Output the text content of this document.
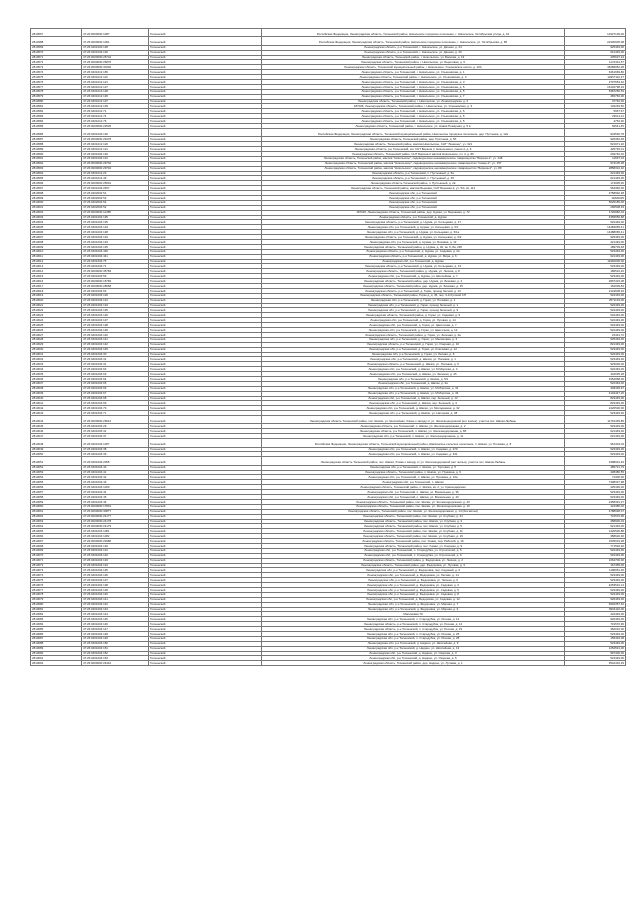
2810567	47:20:0000000:1087	Тосненский	Российская Федерация, Ленинградская область, Тосненский район, Никольское городское поселение, г. Никольское, Октябрьская улица, д. 44	13427139,00
2810388	47:26:0000000:1091	Тосненский	Российская Федерация, Ленинградская область, Тосненский район, Никольское городское поселение, г. Никольское, ул. Октябрьская, д. 8б	22330605,08
2810569	47:26:0401004:128	Тосненский	Ленинградская область, р-н Тосненский, г. Никольское, ул. Дачная, д. 24	925449,00
2810570	47:26:0401004:130	Тосненский	Ленинградская область, р-н Тосненский, г. Никольское, ул. Дачная, д. 26	612449,00
2810571	47:26:0000000:26742	Тосненский	Ленинградская область, Тосненский район, г. Никольское, ул. Баскова, д. 19	435637,24
2810572	47:26:0000000:26876	Тосненский	Ленинградская область, Тосненский район, г. Никольское, ул. Береговая, д. 6	1172431,57
2810573	47:26:0000000:30302	Тосненский	Ленинградская область, Тосненский муниципальный район, г. Никольское, Ульяновское шоссе, д. 10А	46289952,28
2810574	47:26:0401012:165	Тосненский	Ленинградская область, р-н Тосненский, г. Никольское, ул. Ульяновская, д. 1	6461669,80
2810575	47:26:0401012:116	Тосненский	Ленинградская область, Тосненский район, г. Никольское, ул. Ульяновская, д. 4	14957110,37
2810576	47:26:0401012:121	Тосненский	Ленинградская область, р-н Тосненский, г. Никольское, ул. Ульяновская, д. 3	2707553,32
2810577	47:26:0401012:127	Тосненский	Ленинградская область, р-н Тосненский, г. Никольское, ул. Ульяновская, д. 5	16132798,34
2810578	47:26:0401012:128	Тосненский	Ленинградская область, р-н Тосненский, г. Никольское, ул. Ульяновская, д. 5	5387256,53
2810579	47:26:0401012:130	Тосненский	Ленинградская область, р-н Тосненский, г. Никольское, ул. Ульяновская, д. 7	465760,00
2810580	47:26:0401012:137	Тосненский	Ленинградская область, Тосненский район, г. Никольское, ул. Ленинградская, д. 3	37746,00
2810581	47:26:0401012:139	Тосненский	187026, Ленинградская область, Тосненский район, г. Никольское, ул. Ульяновская, д. 3	132249,50
2810582	47:26:0401012:71	Тосненский	Ленинградская область, р-н Тосненский, г. Никольское, ул. Ульяновская, д. 5	5957,67
2810583	47:26:0401012:74	Тосненский	Ленинградская область, р-н Тосненский, г. Никольское, ул. Ульяновская, д. 5	23914,21
2810584	47:26:0401012:76	Тосненский	Ленинградская область, р-н Тосненский, г. Никольское, ул. Ульяновская, д. 5	4754,30
2810585	47:26:0000000:22526	Тосненский	Ленинградская область, Тосненский район, г. Никольское, ул. Новая Пожарная, д. 5 в	52541,45
2810586	47:26:0401004:130	Тосненский	Российская Федерация, Ленинградская область, Тосненский муниципальный район, Никольское городское поселение, дер. Пустынка, д. 12а	943536,78
2810587	47:26:0000000:29478	Тосненский	Ленинградская область, Тосненский район, дер. Пустынка, д. 5б	926346,48
2810588	47:26:0401012:120	Тосненский	Ленинградская область, Тосненский район, массив Никольское, СНТ "Ленинец", уч. 321	521971,20
2810589	47:26:0401012:121	Тосненский	Ленинградская область, р-н Тосненский, снт СНТ Бирюза (г. Никольское), линия 4, д. 6	425746,01
2810590	47:26:0401002:130	Тосненский	Ленинградская область, Тосненский район, СНТ Бирюза-2 массив Никольское, кл. 4, д. 86	249740,02
2810591	47:26:0401004:131	Тосненский	Ленинградская область, Тосненский район, массив "Никольское", садоводческое некоммерческое товарищество "Бирюза-2", уч. 448	11537,04
2810592	47:26:0000000:29702	Тосненский	Ленинградская область, Тосненский район, массив "Никольское", садоводческое некоммерческое товарищество "Север-2", уч. 157	974105,38
2810593	47:26:0000000:29704	Тосненский	Ленинградская область, Тосненский район, массив "Никольское", садоводческое некоммерческое товарищество "Бирюза-2", уч. 89	2858310,32
2810594	47:26:0401012:23	Тосненский	Ленинградская область, р-н Тосненский, п. Пустынный, д. 5а	621449,00
2810595	47:26:0401012:49	Тосненский	Ленинградская область, р-н Тосненский, п. Пустынный, д. 3б	621449,00
2810596	47:26:0000000:25091	Тосненский	Ленинградская область Тосненский район, п. Пустынный, д. 2в	174005,30
2810597	47:26:0401004:2457	Тосненский	Ленинградская область, Тосненский район, массив Бережки, СНТ Бережки-2, уч. 5/4, кв. 114	564360,00
2810598	47:26:0402002:51	Тосненский	Ленинградская обл, р-н Тосненский	3758992,38
2810599	47:26:0402002:53	Тосненский	Ленинградская обл, р-н Тосненский	11820025
2810600	47:26:0402002:54	Тосненский	Ленинградская обл, р-н Тосненский	5025185,00
2810601	47:26:0402002:52	Тосненский	Ленинградская обл, р-н Тосненский	296508,33
2810602	47:26:0000000:11385	Тосненский	187020, Ленинградская область, Тосненский район, дер. Нурма, ул. Бережная, д. 72	1720982,04
2810603	47:26:0401004:135	Тосненский	Ленинградская область, р-н Тосненский, д. Нурма	4355650,68
2810604	47:26:0401004:135	Тосненский	Ленинградская область, р-н Тосненский, д. Нурма, ул. Кольцевая, д. 47	522449,00
2810605	47:26:0401004:134	Тосненский	Ленинградская обл, р-н Тосненский, д. Нурма, ул. Кольцевая, д. 6/1	14483055,41
2810606	47:26:0401004:138	Тосненский	Ленинградская обл, р-н Тосненский, д. Нурма, ул. Кольцевая, д. 6/1а	14488065,41
2810607	47:26:0401004:133	Тосненский	Ленинградская область, р-н Тосненский, д. Нурма, ул. Кольцевая, д. 6/2	925449,00
2810608	47:26:0401004:134	Тосненский	Ленинградская обл, р-н Тосненский, д. Нурма, ул. Боковая, д. 13	421449,00
2810609	47:26:0401004:135	Тосненский	Ленинградская область, Тосненский район, д. Нурма, д. 40, кв. 6, 8а, 29б	189709,48
2810610	47:26:0401004:430	Тосненский	Ленинградская область, р-н Тосненский, д. Нурма, ул. Садовая, д. 2а	523449,00
2810611	47:26:0401004:441	Тосненский	Ленинградская область, р-н Тосненский, д. Нурма, ул. Мира, д. 6	621449,00
2810612	47:26:0401004:75	Тосненский	Ленинградская обл, р-н Тосненский, д. Нурма	11992006,00
2810613	47:26:0401004:71	Тосненский	Ленинградская область, р-н Тосненский, д. Нурма, ул. Кольцевая, д. 13	523449,00
2810614	47:26:0000000:35784	Тосненский	Ленинградская область, Тосненский район, д. Нурма, ул. Лесная, д. 8	186510,26
2810615	47:26:0401004:56	Тосненский	Ленинградская обл, р-н Тосненский, д. Нурма, ул. Шоссейная, д. 7	523449,00
2810616	47:26:0000000:15783	Тосненский	Ленинградская область, Тосненский район, дер. Нурма, ул. Боковая, д. 4	2897415,08
2810617	47:26:0000000:28668	Тосненский	Ленинградская область, Тосненский район, дер. Нурма, ул. Боковая, д. 15	164009,84
2810618	47:26:0401004:63	Тосненский	Ленинградская область, р-н Тосненский, д. Горки, проезд Лесной, д. 13	2143608,93
2810619	47:26:0401004:130	Тосненский	Ленинградская область, Тосненский район, Горки д, д. 45, пер. 3-й Луговой СП	522449,00
2810620	47:26:0401004:131	Тосненский	Ленинградская обл, р-н Тосненский, д. Горки, ул. Полевая, д. 1	2571133,00
2810621	47:26:0401004:134	Тосненский	Ленинградская обл, р-н Тосненский, д. Горки, проезд Зеленый, д. 1	522449,00
2810622	47:26:0401004:135	Тосненский	Ленинградская обл, р-н Тосненский, д. Горки, проезд Зеленый, д. 9	522449,00
2810623	47:26:0401004:136	Тосненский	Ленинградская область, Тосненский район, д. Горки, ул. Садовая, д. 9	522449,00
2810624	47:26:0401004:137	Тосненский	Ленинградская обл, р-н Тосненский, д. Горки, ул. Луговая, д. 14	522449,00
2810625	47:26:0401004:138	Тосненский	Ленинградская обл, р-н Тосненский, д. Горки, ул. Цветочная, д. 7	522449,00
2810626	47:26:0401004:139	Тосненский	Ленинградская обл, р-н Тосненский, д. Горки, ул. Цветочная, д. 12	522449,00
2810627	47:26:0401004:140	Тосненский	Ленинградская область, Тосненский район, д. Горки, ул. Зеленая, д. 4а	15431,72
2810628	47:26:0401004:141	Тосненский	Ленинградская обл, р-н Тосненский, д. Горки, ул. Малиновая, д. 3	925449,00
2810629	47:26:0401004:142	Тосненский	Ленинградская область, р-н Тосненский, д. Горки, ул. Озерная, д. 10	821449,00
2810630	47:26:0401004:145	Тосненский	Ленинградская обл, р-н Тосненский, д. Горки, ул. Ключевая, д. 12	523449,00
2810631	47:26:0401004:30	Тосненский	Ленинградская обл, р-н Тосненский, д. Горки, ул. Лесная, д. 6	522449,00
2810632	47:26:0401004:31	Тосненский	Ленинградская обл, р-н Тосненский, д. Шапки, ул. Полевая, д. 1	523449,00
2810633	47:26:0401004:31	Тосненский	Ленинградская область, р-н Тосненский, д. Шапки, ул. Полевая, д. 5	923000,00
2810634	47:26:0401004:63	Тосненский	Ленинградская обл, р-н Тосненский, д. Шапки, ул. М.Морская, д. 4	522449,00
2810635	47:26:0401004:63	Тосненский	Ленинградская обл, р-н Тосненский, д. Шапки, ул. Зеленая, д. 4б	442635,28
2810636	47:26:0401004:64	Тосненский	Ленинградская обл, р-н Тосненский, д. Шапки, д. 5/1	3354958,00
2810637	47:26:0401004:65	Тосненский	Ленинградская обл, р-н Тосненский, д. Шапки, д. 3а	522449,00
2810638	47:26:0401004:66	Тосненский	Ленинградская обл, р-н Тосненский, д. Шапки, ул. М.Морская, д. 44	348439,97
2810639	47:26:0401004:67	Тосненский	Ленинградская обл, р-н Тосненский, д. Шапки, ул. М.Морская, д. 43	4104447,20
2810640	47:26:0401004:68	Тосненский	Ленинградская обл, р-н Тосненский, д. Шапки, пер. Зеленый, д. 12	823449,00
2810641	47:26:0401004:69	Тосненский	Ленинградская обл, р-н Тосненский, д. Шапки, пер. Зеленый, д. 3	823449,00
2810642	47:26:0401004:70	Тосненский	Ленинградская обл, р-н Тосненский, д. Шапки, ул. Молодежная, д. 32	2420500,00
2810643	47:26:0401004:71	Тосненский	Ленинградская обл, р-н Тосненский, д. Шапки, ул. Нагорная, д. 38	523449,00
2810644	47:26:0000000:29612	Тосненский	Ленинградская область Тосненский район, пос. Шапки, ул. Шоссейная, ближе к западу от ул. Железнодорожной (нет жилья), участок пос. Шапки-Любань	11791439,85
2810645	47:26:0401004:29	Тосненский	Ленинградская область, р-н Тосненский, п. Шапки, ул. Железнодорожная, д. 2	523449,00
2810646	47:26:0401004:31	Тосненский	Ленинградская область, р-н Тосненский, п. Шапки, ул. Железнодорожная, д. 8б	621449,00
2810647	47:26:0401004:37	Тосненский	Ленинградская обл, р-н Тосненский, п. Шапки, ул. Железнодорожная, д. 11	621449,00
2810648	47:26:0401004:1057	Тосненский	Российская Федерация, Ленинградская область, Тосненский муниципальный район, Шапкинское сельское поселение, п. Шапки, ул. Полевая, д. 8	961303,03
2810649	47:26:0401004:38	Тосненский	Ленинградская обл, р-н Тосненский, п. Шапки, ул. Садовая, д. 270	523449,00
2810650	47:26:0401004:39	Тосненский	Ленинградская обл, р-н Тосненский, п. Шапки, ул. Садовая, д. 331	523449,00
2810651	47:26:0401004:2065	Тосненский	Ленинградская область Тосненский район, пос. Шапки, ближе к западу от ул. Железнодорожной (нет жилья), участок пос. Шапки-Любань	3498001,49
2810652	47:26:0401004:40	Тосненский	Ленинградская обл, р-н Тосненский, п. Шапки, ул. Торговая, д. 5	486721,79
2810653	47:26:0401004:41	Тосненский	Ленинградская область, Тосненский район, п. Шапки, ул. Пушкина, д. 9	438480,55
2810654	47:26:0401004:42	Тосненский	Ленинградская обл, р-н Тосненский, п. Шапки, ул. Пушкина, д. 10а	71300,00
2810655	47:26:0401004:43	Тосненский	Ленинградская обл, р-н Тосненский, п. Шапки	7498337,98
2810656	47:26:0401004:1000	Тосненский	Ленинградская область, Тосненский район, п. Шапки, кв. 2, ул. Краснодарская	425436,00
2810657	47:26:0401004:44	Тосненский	Ленинградская обл, р-н Тосненский, п. Шапки, ул. Вокзальная, д. 36	523449,00
2810658	47:26:0401004:45	Тосненский	Ленинградская обл, р-н Тосненский, п. Шапки, ул. Вокзальная, д. 40	523449,00
2810659	47:26:0401004:46	Тосненский	Ленинградская область, Тосненский район, пос. Шапки, ул. Железнодорожная, д. 4б	2458391,37
2810660	47:26:0000000:17801	Тосненский	Ленинградская область, Тосненский район, пос. Шапки, ул. Железнодорожная, д. 10	424386,02
2810661	47:26:0000000:30877	Тосненский	Ленинградская область, Тосненский район, пос. Шапки, ул. Железнодорожная, д. 14 (без жилья)	4788938,07
2810662	47:26:0000000:24177	Тосненский	Ленинградская область, Тосненский район, пос. Шапки, ул. Клубная, д. 31	731570,96
2810663	47:26:0000000:24178	Тосненский	Ленинградская область, Тосненский район, пос. Шапки, ул. Клубная, д. 3	358900,03
2810664	47:26:0000000:24179	Тосненский	Ленинградская область, Тосненский район, пос. Шапки, ул. Клубная, д. 5	521449,00
2810665	47:26:0401004:1081	Тосненский	Ленинградская область, Тосненский район, пос. Шапки, ул. Клубная, д. 11	1420536,88
2810666	47:26:0401004:1082	Тосненский	Ленинградская область, Тосненский район, пос. Шапки, ул. Клубная, д. 19	358620,00
2810667	47:26:0000000:29380	Тосненский	Ленинградская область, Тосненский район, пос. Ушаки, пер. Рабочий, д. 16	1535019,38
2810668	47:26:0401004:130	Тосненский	Ленинградская область, Тосненский район, пос. Ушаки, ул. Озерная, д. 9	771592,92
2810669	47:26:0401004:131	Тосненский	Ленинградская обл, р-н Тосненский, п. Стародубка, ул. Строителей, д. 5	522449,00
2810670	47:26:0401004:132	Тосненский	Ленинградская обл, р-н Тосненский, п. Стародубка, ул. Строителей, д. 6	522449,00
2810671	47:26:0401004:133	Тосненский	Ленинградская область, Тосненский район, д. Федоровка, ул. Лесная, д. 2	1064700,00
2810672	47:26:0401004:134	Тосненский	Ленинградская область, Тосненский район, дер. Федоровка, ул. Луговая, д. 3	167455,00
2810673	47:26:0401004:135	Тосненский	Ленинградская обл, р-н Тосненский, д. Федоровка, пер. Садовый, д. 6	1186051,00
2810674	47:26:0401004:136	Тосненский	Ленинградская обл, р-н Тосненский, д. Федоровка, ул. Лесная, д. 14	523449,00
2810675	47:26:0401004:137	Тосненский	Ленинградская обл, р-н Тосненский, д. Федоровка, ул. Лесная, д. 6	523449,00
2810676	47:26:0401004:138	Тосненский	Ленинградская обл, р-н Тосненский, д. Федоровка, ул. Садовая, д. 3	4253510,13
2810677	47:26:0401004:139	Тосненский	Ленинградская обл, р-н Тосненский, д. Федоровка, ул. Садовая, д. 5	523449,00
2810678	47:26:0401004:140	Тосненский	Ленинградская обл, р-н Тосненский, д. Федоровка, ул. Садовая, д. 8	522449,00
2810679	47:26:0401004:141	Тосненский	Ленинградская обл, р-н Тосненский, д. Федоровка, ул. Садовая, д. 12	926449,00
2810680	47:26:0401004:142	Тосненский	Ленинградская обл, р-н Тосненский, д. Федоровка, ул. Мирная, д. 7	6902357,32
2810681	47:26:0401004:143	Тосненский	Ленинградская обл, р-н Тосненский, д. Федоровка, ул. Мирная, д. 9	6904110,00
2810682	47:26:0401004:144	Тосненский	Малиновая 79	422449,00
2810683	47:26:0401004:145	Тосненский	Ленинградская обл, р-н Тосненский, п. Стародубка, ул. Речная, д. 12	926449,00
2810684	47:26:0401004:146	Тосненский	Ленинградская область, р-н Тосненский, п. Стародубка, ул. Речная, д. 14	731570,96
2810685	47:26:0401004:147	Тосненский	Ленинградская область, р-н Тосненский, п. Стародубка, ул. Речная, д. 19	352010,00
2810686	47:26:0401004:148	Тосненский	Ленинградская обл, р-н Тосненский, п. Стародубка, ул. Речная, д. 25	523449,00
2810687	47:26:0401004:149	Тосненский	Ленинградская обл, р-н Тосненский, п. Стародубка, ул. Речная, д. 28	155494,08
2810688	47:26:0401004:150	Тосненский	Ленинградская обл, р-н Тосненский, д. Надино, ул. Шоссейная, д. 9	523449,00
2810689	47:26:0401004:151	Тосненский	Ленинградская обл, р-н Тосненский, д. Надино, ул. Шоссейная, д. 13	1254531,00
2810690	47:26:0401004:152	Тосненский	Ленинградская обл, р-н Тосненский, д. Надино, ул. Озерная, д. 3	997406,00
2810691	47:26:0401004:153	Тосненский	Ленинградская обл, р-н Тосненский, д. Надино, ул. Озерная, д. 5	523449,00
2810692	47:26:0000000:24410	Тосненский	Ленинградская область, Тосненский район, дер. Надино, ул. Луговая, д. 1	3542416,29
